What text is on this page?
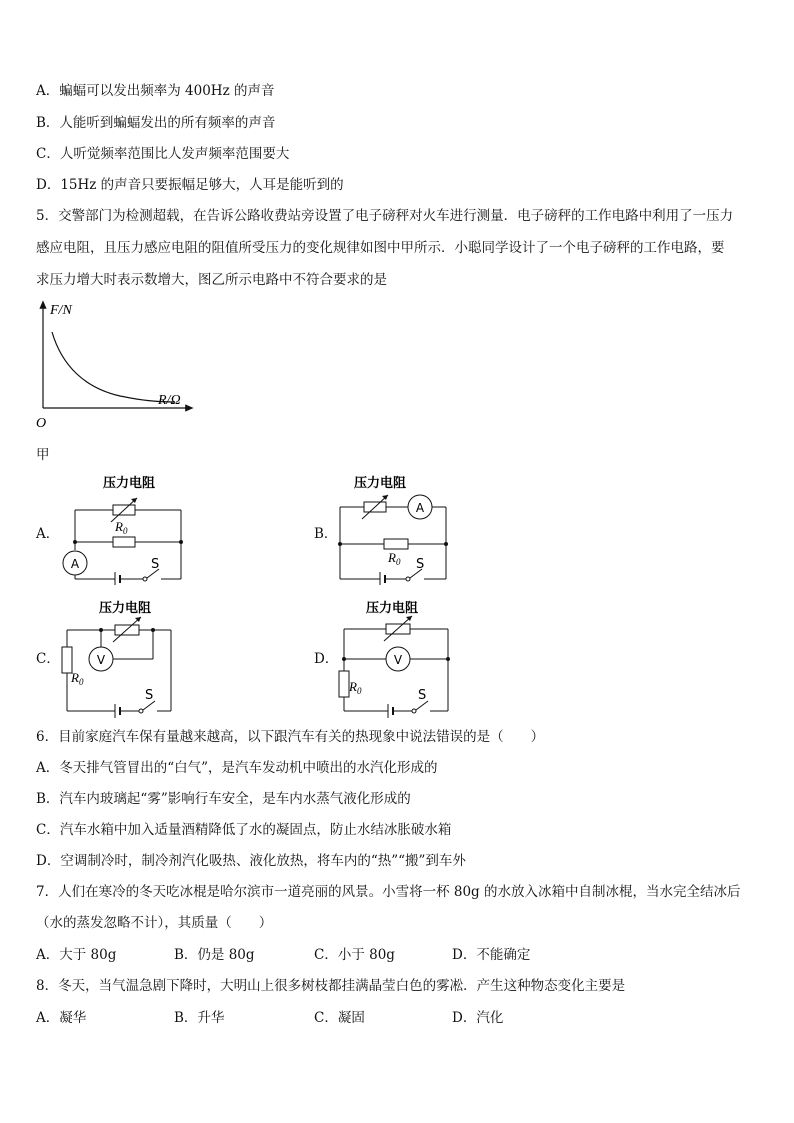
A．蝙蝠可以发出频率为 400Hz 的声音
B．人能听到蝙蝠发出的所有频率的声音
C．人听觉频率范围比人发声频率范围要大
D．15Hz 的声音只要振幅足够大，人耳是能听到的
5．交警部门为检测超载，在告诉公路收费站旁设置了电子磅秤对火车进行测量．电子磅秤的工作电路中利用了一压力
感应电阻，且压力感应电阻的阻值所受压力的变化规律如图中甲所示．小聪同学设计了一个电子磅秤的工作电路，要
求压力增大时表示数增大，图乙所示电路中不符合要求的是
F/N
R/Ω
O
甲
A．
压力电阻
$R_0$
A	S
B．
压力电阻
A
$R_0$ S
C．
压力电阻
V
$R_0$
S
D．
压力电阻
V
$R_0$	S
6．目前家庭汽车保有量越来越高，以下跟汽车有关的热现象中说法错误的是（　　）
A．冬天排气管冒出的“白气”，是汽车发动机中喷出的水汽化形成的
B．汽车内玻璃起“雾”影响行车安全，是车内水蒸气液化形成的
C．汽车水箱中加入适量酒精降低了水的凝固点，防止水结冰胀破水箱
D．空调制冷时，制冷剂汽化吸热、液化放热，将车内的“热”“搬”到车外
7．人们在寒冷的冬天吃冰棍是哈尔滨市一道亮丽的风景。小雪将一杯 80g 的水放入冰箱中自制冰棍，当水完全结冰后
（水的蒸发忽略不计），其质量（　　）
A．大于 80g	B．仍是 80g	C．小于 80g	D．不能确定
8．冬天，当气温急剧下降时，大明山上很多树枝都挂满晶莹白色的雾凇．产生这种物态变化主要是
A．凝华	B．升华	C．凝固	D．汽化
